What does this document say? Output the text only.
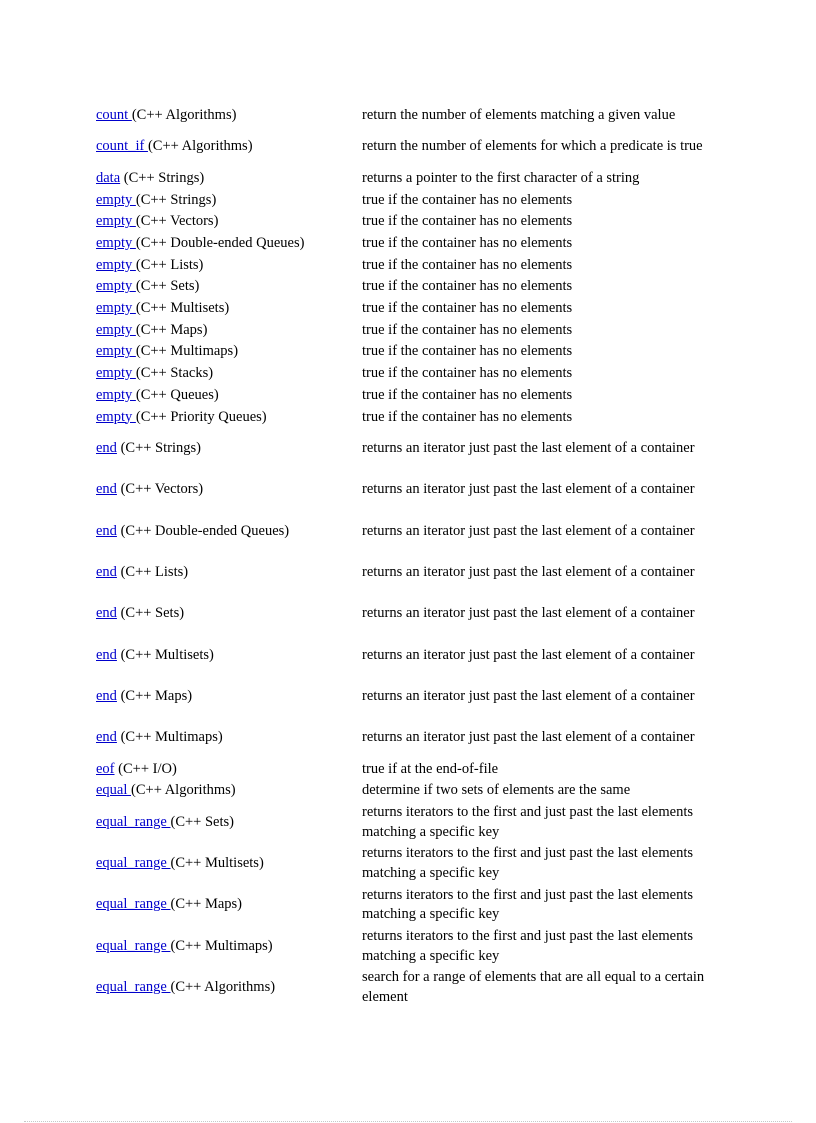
count (C++ Algorithms)	return the number of elements matching a given value
count_if (C++ Algorithms)	return the number of elements for which a predicate is true
data (C++ Strings)	returns a pointer to the first character of a string
empty (C++ Strings)	true if the container has no elements
empty (C++ Vectors)	true if the container has no elements
empty (C++ Double-ended Queues)	true if the container has no elements
empty (C++ Lists)	true if the container has no elements
empty (C++ Sets)	true if the container has no elements
empty (C++ Multisets)	true if the container has no elements
empty (C++ Maps)	true if the container has no elements
empty (C++ Multimaps)	true if the container has no elements
empty (C++ Stacks)	true if the container has no elements
empty (C++ Queues)	true if the container has no elements
empty (C++ Priority Queues)	true if the container has no elements
end (C++ Strings)	returns an iterator just past the last element of a container
end (C++ Vectors)	returns an iterator just past the last element of a container
end (C++ Double-ended Queues)	returns an iterator just past the last element of a container
end (C++ Lists)	returns an iterator just past the last element of a container
end (C++ Sets)	returns an iterator just past the last element of a container
end (C++ Multisets)	returns an iterator just past the last element of a container
end (C++ Maps)	returns an iterator just past the last element of a container
end (C++ Multimaps)	returns an iterator just past the last element of a container
eof (C++ I/O)	true if at the end-of-file
equal (C++ Algorithms)	determine if two sets of elements are the same
equal_range (C++ Sets)	returns iterators to the first and just past the last elements matching a specific key
equal_range (C++ Multisets)	returns iterators to the first and just past the last elements matching a specific key
equal_range (C++ Maps)	returns iterators to the first and just past the last elements matching a specific key
equal_range (C++ Multimaps)	returns iterators to the first and just past the last elements matching a specific key
equal_range (C++ Algorithms)	search for a range of elements that are all equal to a certain element
